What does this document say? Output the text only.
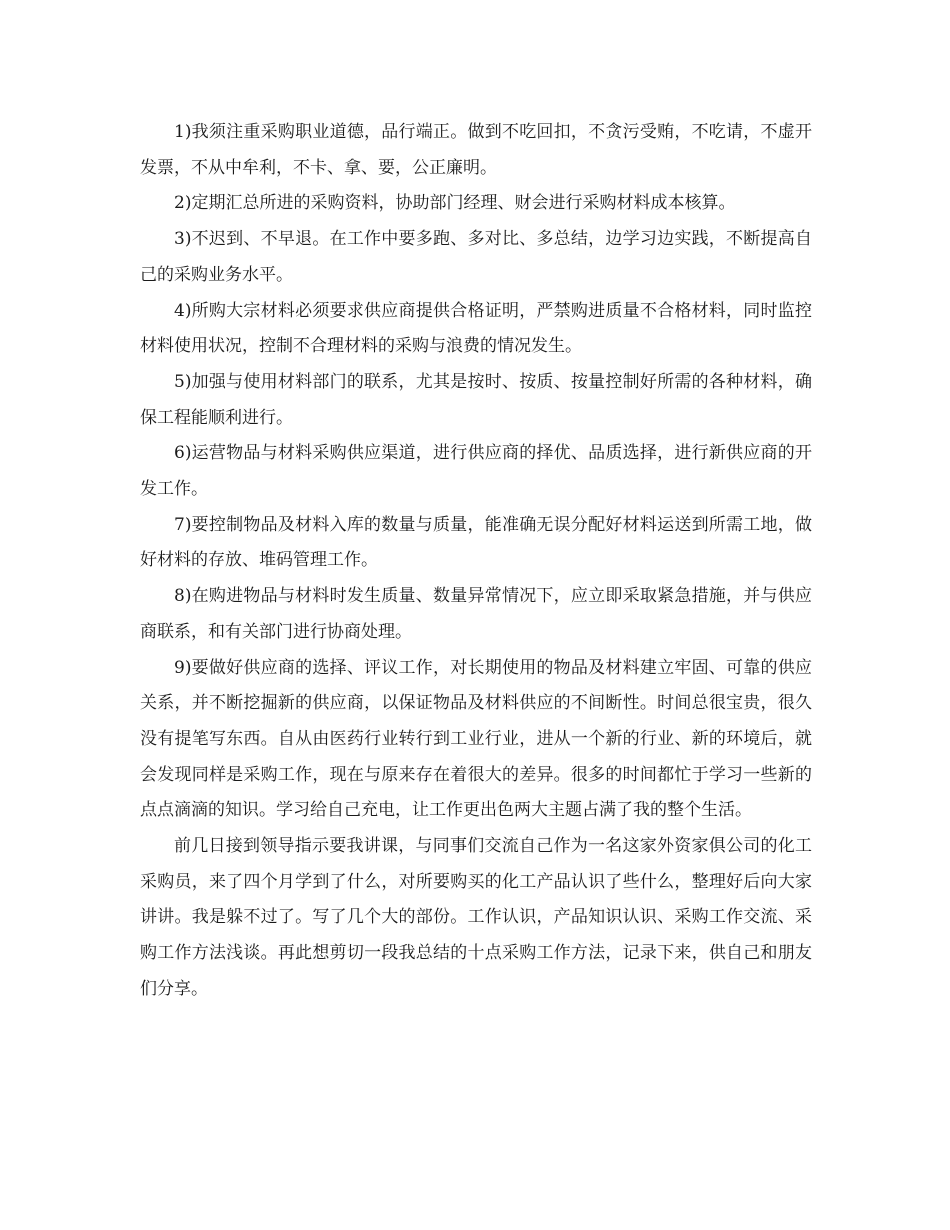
1)我须注重采购职业道德，品行端正。做到不吃回扣，不贪污受贿，不吃请，不虚开发票，不从中牟利，不卡、拿、要，公正廉明。

2)定期汇总所进的采购资料，协助部门经理、财会进行采购材料成本核算。

3)不迟到、不早退。在工作中要多跑、多对比、多总结，边学习边实践，不断提高自己的采购业务水平。

4)所购大宗材料必须要求供应商提供合格证明，严禁购进质量不合格材料，同时监控材料使用状况，控制不合理材料的采购与浪费的情况发生。

5)加强与使用材料部门的联系，尤其是按时、按质、按量控制好所需的各种材料，确保工程能顺利进行。

6)运营物品与材料采购供应渠道，进行供应商的择优、品质选择，进行新供应商的开发工作。

7)要控制物品及材料入库的数量与质量，能准确无误分配好材料运送到所需工地，做好材料的存放、堆码管理工作。

8)在购进物品与材料时发生质量、数量异常情况下，应立即采取紧急措施，并与供应商联系，和有关部门进行协商处理。

9)要做好供应商的选择、评议工作，对长期使用的物品及材料建立牢固、可靠的供应关系，并不断挖掘新的供应商，以保证物品及材料供应的不间断性。时间总很宝贵，很久没有提笔写东西。自从由医药行业转行到工业行业，进从一个新的行业、新的环境后，就会发现同样是采购工作，现在与原来存在着很大的差异。很多的时间都忙于学习一些新的点点滴滴的知识。学习给自己充电，让工作更出色两大主题占满了我的整个生活。

前几日接到领导指示要我讲课，与同事们交流自己作为一名这家外资家俱公司的化工采购员，来了四个月学到了什么，对所要购买的化工产品认识了些什么，整理好后向大家讲讲。我是躲不过了。写了几个大的部份。工作认识，产品知识认识、采购工作交流、采购工作方法浅谈。再此想剪切一段我总结的十点采购工作方法，记录下来，供自己和朋友们分享。
